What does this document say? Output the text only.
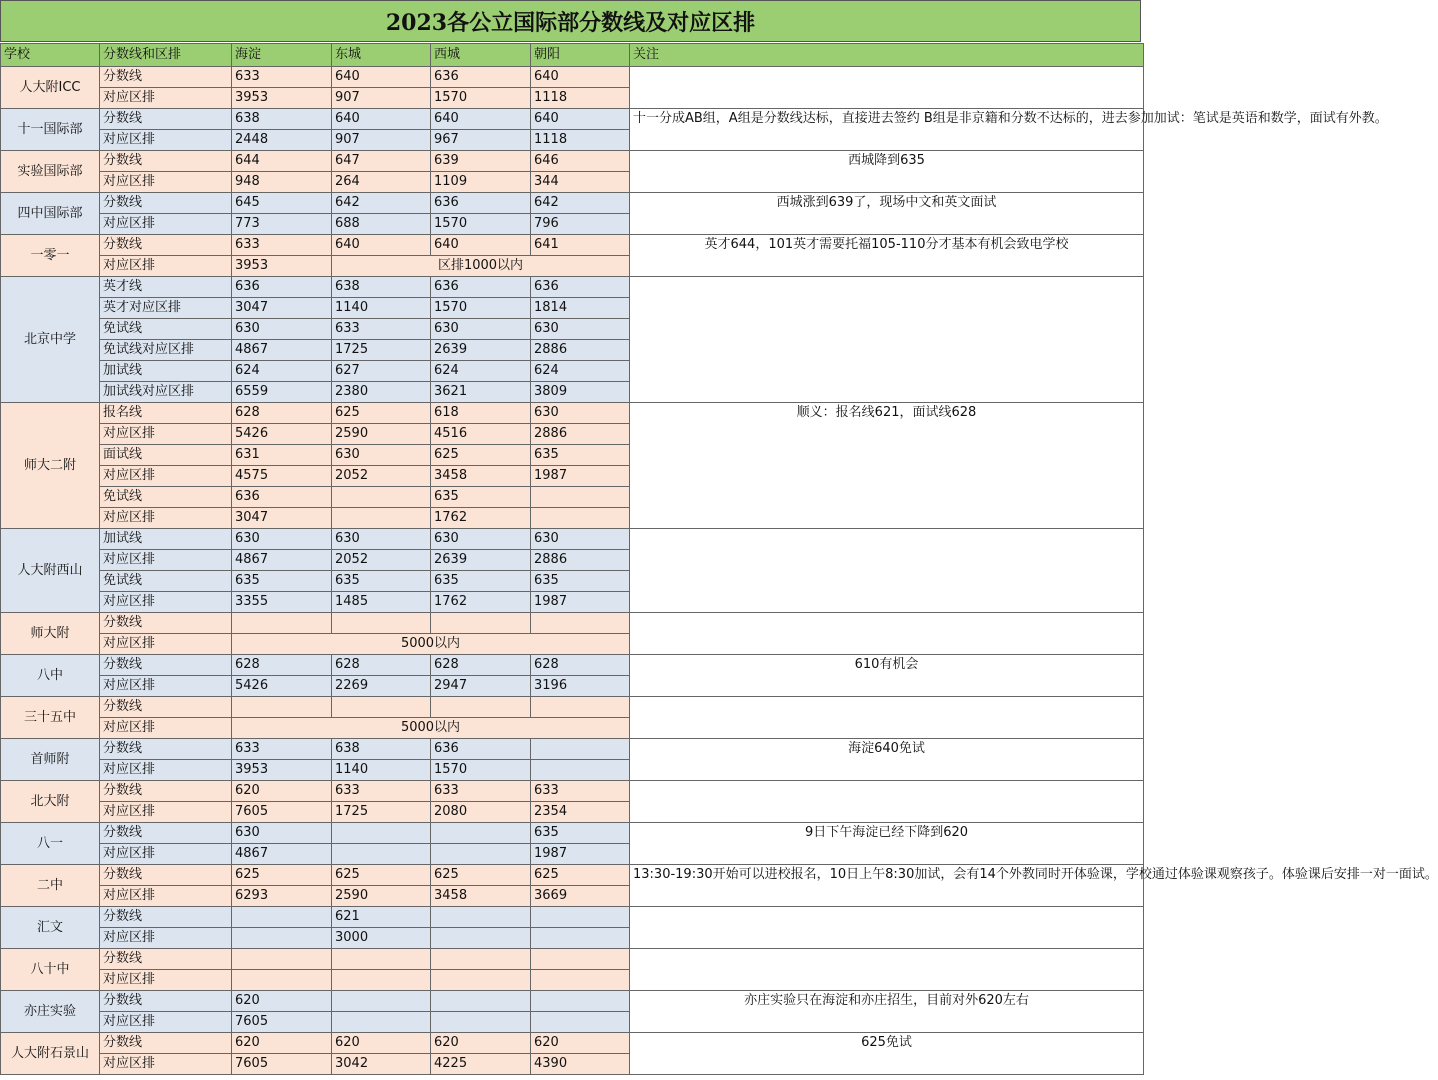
2023各公立国际部分数线及对应区排
学校	分数线和区排	海淀	东城	西城	朝阳	关注
人大附ICC	分数线	633	640	636	640	
	对应区排	3953	907	1570	1118	
十一国际部	分数线	638	640	640	640	十一分成AB组，A组是分数线达标，直接进去签约 B组是非京籍和分数不达标的，进去参加加试：笔试是英语和数学，面试有外教。
	对应区排	2448	907	967	1118	
实验国际部	分数线	644	647	639	646	西城降到635
	对应区排	948	264	1109	344	
四中国际部	分数线	645	642	636	642	西城涨到639了，现场中文和英文面试
	对应区排	773	688	1570	796	
一零一	分数线	633	640	640	641	英才644，101英才需要托福105-110分才基本有机会致电学校
	对应区排	3953	区排1000以内			
北京中学	英才线	636	638	636	636	
	英才对应区排	3047	1140	1570	1814	
	免试线	630	633	630	630	
	免试线对应区排	4867	1725	2639	2886	
	加试线	624	627	624	624	
	加试线对应区排	6559	2380	3621	3809	
师大二附	报名线	628	625	618	630	顺义：报名线621，面试线628
	对应区排	5426	2590	4516	2886	
	面试线	631	630	625	635	
	对应区排	4575	2052	3458	1987	
	免试线	636		635		
	对应区排	3047		1762		
人大附西山	加试线	630	630	630	630	
	对应区排	4867	2052	2639	2886	
	免试线	635	635	635	635	
	对应区排	3355	1485	1762	1987	
师大附	分数线					
	对应区排	5000以内				
八中	分数线	628	628	628	628	610有机会
	对应区排	5426	2269	2947	3196	
三十五中	分数线					
	对应区排	5000以内				
首师附	分数线	633	638	636		海淀640免试
	对应区排	3953	1140	1570		
北大附	分数线	620	633	633	633	
	对应区排	7605	1725	2080	2354	
八一	分数线	630			635	9日下午海淀已经下降到620
	对应区排	4867			1987	
二中	分数线	625	625	625	625	13:30-19:30开始可以进校报名，10日上午8:30加试，会有14个外教同时开体验课，学校通过体验课观察孩子。体验课后安排一对一面试。
	对应区排	6293	2590	3458	3669	
汇文	分数线		621			
	对应区排		3000			
八十中	分数线					
	对应区排					
亦庄实验	分数线	620				亦庄实验只在海淀和亦庄招生，目前对外620左右
	对应区排	7605				
人大附石景山	分数线	620	620	620	620	625免试
	对应区排	7605	3042	4225	4390	
